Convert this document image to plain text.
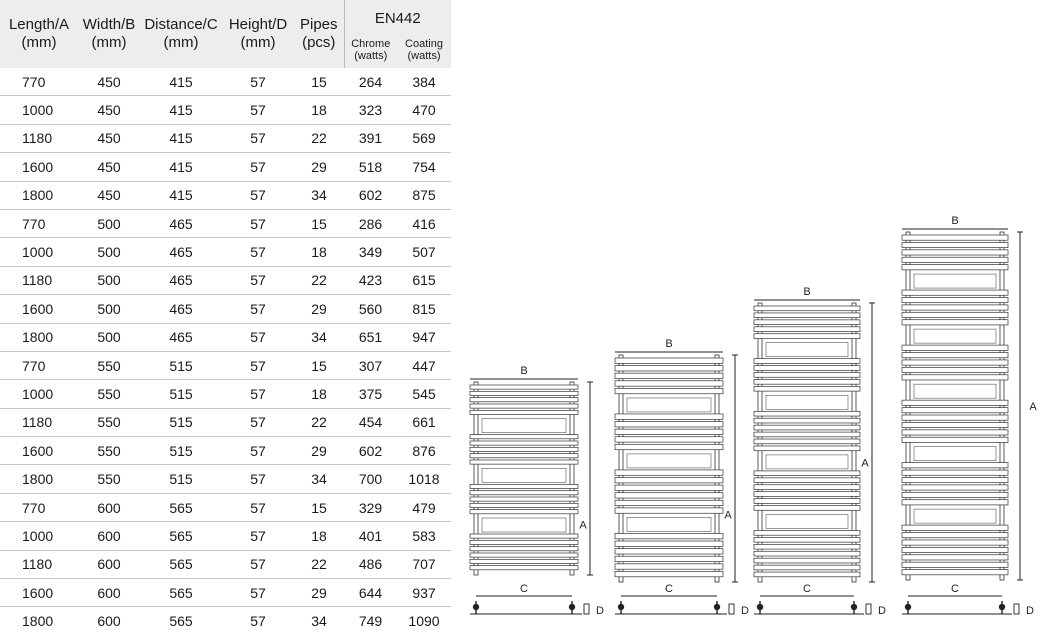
Length/A
(mm)	Width/B
(mm)	Distance/C
(mm)	Height/D
(mm)	Pipes
(pcs)	EN442	
					Chrome
(watts)	Coating
(watts)

770	450	415	57	15	264	384
1000	450	415	57	18	323	470
1180	450	415	57	22	391	569
1600	450	415	57	29	518	754
1800	450	415	57	34	602	875
770	500	465	57	15	286	416
1000	500	465	57	18	349	507
1180	500	465	57	22	423	615
1600	500	465	57	29	560	815
1800	500	465	57	34	651	947
770	550	515	57	15	307	447
1000	550	515	57	18	375	545
1180	550	515	57	22	454	661
1600	550	515	57	29	602	876
1800	550	515	57	34	700	1018
770	600	565	57	15	329	479
1000	600	565	57	18	401	583
1180	600	565	57	22	486	707
1600	600	565	57	29	644	937
1800	600	565	57	34	749	1090
B
A
C
D
B
A
C
D
B
A
C
D
B
A
C
D
